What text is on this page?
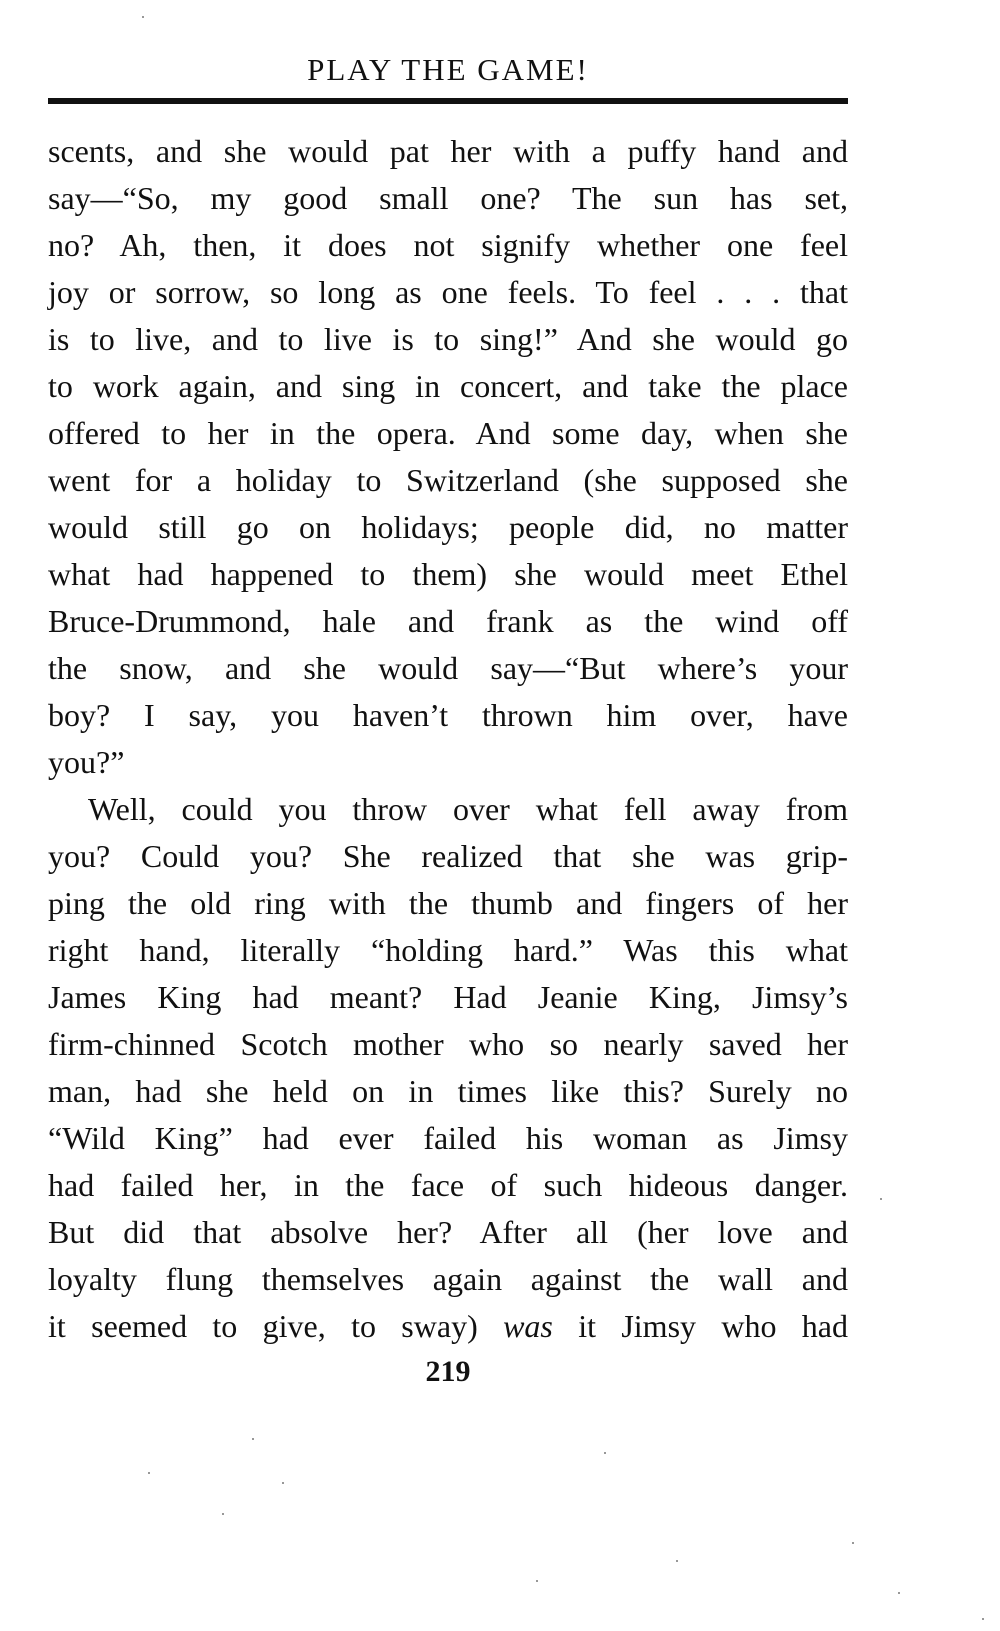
PLAY THE GAME!
scents, and she would pat her with a puffy hand and
say—“So, my good small one? The sun has set,
no? Ah, then, it does not signify whether one feel
joy or sorrow, so long as one feels. To feel . . . that
is to live, and to live is to sing!” And she would go
to work again, and sing in concert, and take the place
offered to her in the opera. And some day, when she
went for a holiday to Switzerland (she supposed she
would still go on holidays; people did, no matter
what had happened to them) she would meet Ethel
Bruce-Drummond, hale and frank as the wind off
the snow, and she would say—“But where’s your
boy? I say, you haven’t thrown him over, have
you?”
Well, could you throw over what fell away from
you? Could you? She realized that she was grip-
ping the old ring with the thumb and fingers of her
right hand, literally “holding hard.” Was this what
James King had meant? Had Jeanie King, Jimsy’s
firm-chinned Scotch mother who so nearly saved her
man, had she held on in times like this? Surely no
“Wild King” had ever failed his woman as Jimsy
had failed her, in the face of such hideous danger.
But did that absolve her? After all (her love and
loyalty flung themselves again against the wall and
it seemed to give, to sway) was it Jimsy who had
219
